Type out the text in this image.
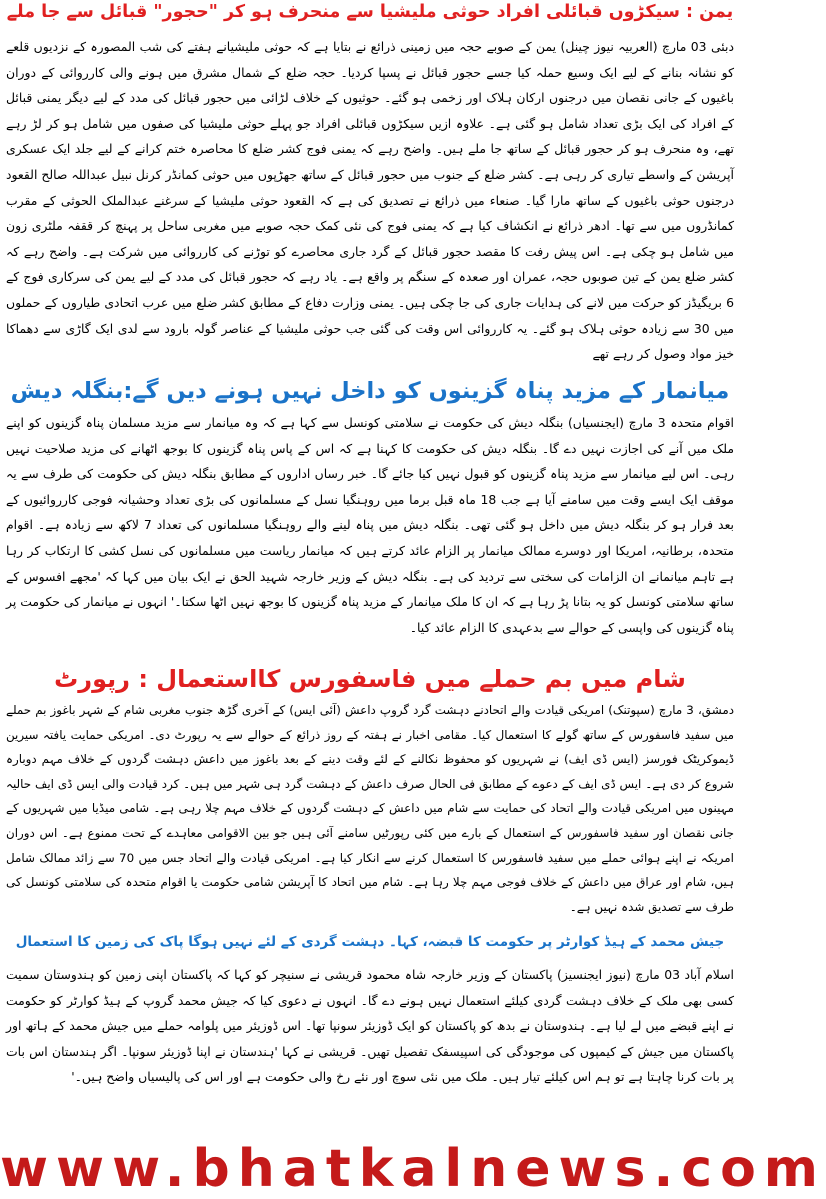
یمن : سیکڑوں قبائلی افراد حوثی ملیشیا سے منحرف ہو کر "حجور" قبائل سے جا ملے

دبئی 03 مارچ (العربیہ نیوز چینل) یمن کے صوبے حجہ میں زمینی ذرائع نے بتایا ہے کہ حوثی ملیشیانے ہفتے کی شب المصورہ کے نزدیوں قلعے کو نشانہ بنانے کے لیے ایک وسیع حملہ کیا جسے حجور قبائل نے پسپا کردیا۔ حجہ ضلع کے شمال مشرق میں ہونے والی کارروائی کے دوران باغیوں کے جانی نقصان میں درجنوں ارکان ہلاک اور زخمی ہو گئے۔ حوثیوں کے خلاف لڑائی میں حجور قبائل کی مدد کے لیے دیگر یمنی قبائل کے افراد کی ایک بڑی تعداد شامل ہو گئی ہے۔ علاوہ ازیں سیکڑوں قبائلی افراد جو پہلے حوثی ملیشیا کی صفوں میں شامل ہو کر لڑ رہے تھے، وہ منحرف ہو کر حجور قبائل کے ساتھ جا ملے ہیں۔ واضح رہے کہ یمنی فوج کشر ضلع کا محاصرہ ختم کرانے کے لیے جلد ایک عسکری آپریشن کے واسطے تیاری کر رہی ہے۔ کشر ضلع کے جنوب میں حجور قبائل کے ساتھ جھڑپوں میں حوثی کمانڈر کرنل نبیل عبداللہ صالح القعود درجنوں حوثی باغیوں کے ساتھ مارا گیا۔ صنعاء میں ذرائع نے تصدیق کی ہے کہ القعود حوثی ملیشیا کے سرغنے عبدالملک الحوثی کے مقرب کمانڈروں میں سے تھا۔ ادھر ذرائع نے انکشاف کیا ہے کہ یمنی فوج کی نئی کمک حجہ صوبے میں مغربی ساحل پر پہنچ کر ققفہ ملٹری زون میں شامل ہو چکی ہے۔ اس پیش رفت کا مقصد حجور قبائل کے گرد جاری محاصرے کو توڑنے کی کارروائی میں شرکت ہے۔ واضح رہے کہ کشر ضلع یمن کے تین صوبوں حجہ، عمران اور صعدہ کے سنگم پر واقع ہے۔ یاد رہے کہ حجور قبائل کی مدد کے لیے یمن کی سرکاری فوج کے 6 بریگیڈز کو حرکت میں لانے کی ہدایات جاری کی جا چکی ہیں۔ یمنی وزارت دفاع کے مطابق کشر ضلع میں عرب اتحادی طیاروں کے حملوں میں 30 سے زیادہ حوثی ہلاک ہو گئے۔ یہ کارروائی اس وقت کی گئی جب حوثی ملیشیا کے عناصر گولہ بارود سے لدی ایک گاڑی سے دھماکا خیز مواد وصول کر رہے تھے

میانمار کے مزید پناہ گزینوں کو داخل نہیں ہونے دیں گے:بنگلہ دیش

اقوام متحدہ 3 مارچ (ایجنسیاں) بنگلہ دیش کی حکومت نے سلامتی کونسل سے کہا ہے کہ وہ میانمار سے مزید مسلمان پناہ گزینوں کو اپنے ملک میں آنے کی اجازت نہیں دے گا۔ بنگلہ دیش کی حکومت کا کہنا ہے کہ اس کے پاس پناہ گزینوں کا بوجھ اٹھانے کی مزید صلاحیت نہیں رہی۔ اس لیے میانمار سے مزید پناہ گزینوں کو قبول نہیں کیا جائے گا۔ خبر رساں اداروں کے مطابق بنگلہ دیش کی حکومت کی طرف سے یہ موقف ایک ایسے وقت میں سامنے آیا ہے جب 18 ماہ قبل برما میں روہنگیا نسل کے مسلمانوں کی بڑی تعداد وحشیانہ فوجی کارروائیوں کے بعد فرار ہو کر بنگلہ دیش میں داخل ہو گئی تھی۔ بنگلہ دیش میں پناہ لینے والے روہنگیا مسلمانوں کی تعداد 7 لاکھ سے زیادہ ہے۔ اقوام متحدہ، برطانیہ، امریکا اور دوسرے ممالک میانمار پر الزام عائد کرتے ہیں کہ میانمار ریاست میں مسلمانوں کی نسل کشی کا ارتکاب کر رہا ہے تاہم میانمانے ان الزامات کی سختی سے تردید کی ہے۔ بنگلہ دیش کے وزیر خارجہ شہید الحق نے ایک بیان میں کہا کہ 'مجھے افسوس کے ساتھ سلامتی کونسل کو یہ بتانا پڑ رہا ہے کہ ان کا ملک میانمار کے مزید پناہ گزینوں کا بوجھ نہیں اٹھا سکتا۔' انہوں نے میانمار کی حکومت پر پناہ گزینوں کی واپسی کے حوالے سے بدعہدی کا الزام عائد کیا۔

شام میں بم حملے میں فاسفورس کااستعمال : رپورٹ

دمشق، 3 مارچ (سپوتنک) امریکی قیادت والے اتحادنے دہشت گرد گروپ داعش (آئی ایس) کے آخری گڑھ جنوب مغربی شام کے شہر باغوز بم حملے میں سفید فاسفورس کے ساتھ گولے کا استعمال کیا۔ مقامی اخبار نے ہفتہ کے روز ذرائع کے حوالے سے یہ رپورٹ دی۔ امریکی حمایت یافتہ سیرین ڈیموکریٹک فورسز (ایس ڈی ایف) نے شہریوں کو محفوظ نکالنے کے لئے وقت دینے کے بعد باغوز میں داعش دہشت گردوں کے خلاف مہم دوبارہ شروع کر دی ہے۔ ایس ڈی ایف کے دعوے کے مطابق فی الحال صرف داعش کے دہشت گرد ہی شہر میں ہیں۔ کرد قیادت والی ایس ڈی ایف حالیہ مہینوں میں امریکی قیادت والے اتحاد کی حمایت سے شام میں داعش کے دہشت گردوں کے خلاف مہم چلا رہی ہے۔ شامی میڈیا میں شہریوں کے جانی نقصان اور سفید فاسفورس کے استعمال کے بارے میں کئی رپورٹیں سامنے آئی ہیں جو بین الاقوامی معاہدے کے تحت ممنوع ہے۔ اس دوران امریکہ نے اپنے ہوائی حملے میں سفید فاسفورس کا استعمال کرنے سے انکار کیا ہے۔ امریکی قیادت والے اتحاد جس میں 70 سے زائد ممالک شامل ہیں، شام اور عراق میں داعش کے خلاف فوجی مہم چلا رہا ہے۔ شام میں اتحاد کا آپریشن شامی حکومت یا اقوام متحدہ کی سلامتی کونسل کی طرف سے تصدیق شدہ نہیں ہے۔

جیش محمد کے ہیڈ کوارٹر پر حکومت کا قبضہ، کہا۔ دہشت گردی کے لئے نہیں ہوگا پاک کی زمین کا استعمال

اسلام آباد 03 مارچ (نیوز ایجنسیز) پاکستان کے وزیر خارجہ شاہ محمود قریشی نے سنیچر کو کہا کہ پاکستان اپنی زمین کو ہندوستان سمیت کسی بھی ملک کے خلاف دہشت گردی کیلئے استعمال نہیں ہونے دے گا۔ انہوں نے دعوی کیا کہ جیش محمد گروپ کے ہیڈ کوارٹر کو حکومت نے اپنے قبضے میں لے لیا ہے۔ ہندوستان نے بدھ کو پاکستان کو ایک ڈوزیئر سونپا تھا۔ اس ڈوزیئر میں پلوامہ حملے میں جیش محمد کے ہاتھ اور پاکستان میں جیش کے کیمپوں کی موجودگی کی اسپیسفک تفصیل تھیں۔ قریشی نے کہا 'ہندستان نے اپنا ڈوزیئر سونپا۔ اگر ہندستان اس بات پر بات کرنا چاہتا ہے تو ہم اس کیلئے تیار ہیں۔ ملک میں نئی سوچ اور نئے رخ والی حکومت ہے اور اس کی پالیسیاں واضح ہیں۔'

www.bhatkalnews.com
